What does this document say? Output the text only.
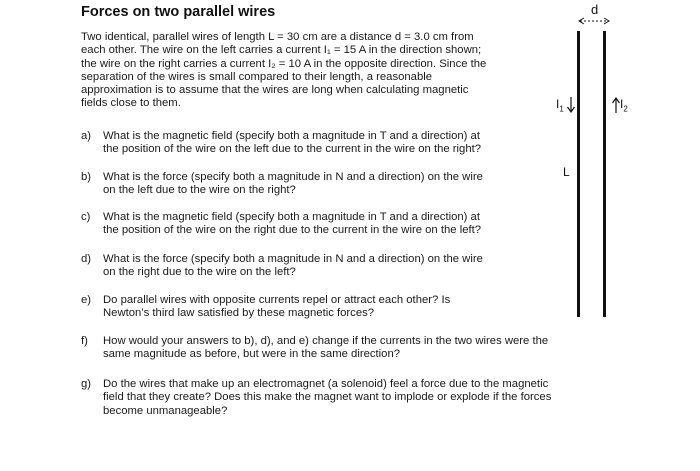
Forces on two parallel wires
Two identical, parallel wires of length L = 30 cm are a distance d = 3.0 cm from
each other. The wire on the left carries a current I₁ = 15 A in the direction shown;
the wire on the right carries a current I₂ = 10 A in the opposite direction. Since the
separation of the wires is small compared to their length, a reasonable
approximation is to assume that the wires are long when calculating magnetic
fields close to them.
a)	What is the magnetic field (specify both a magnitude in T and a direction) at
the position of the wire on the left due to the current in the wire on the right?
b)	What is the force (specify both a magnitude in N and a direction) on the wire
on the left due to the wire on the right?
c)	What is the magnetic field (specify both a magnitude in T and a direction) at
the position of the wire on the right due to the current in the wire on the left?
d)	What is the force (specify both a magnitude in N and a direction) on the wire
on the right due to the wire on the left?
e)	Do parallel wires with opposite currents repel or attract each other? Is
Newton’s third law satisfied by these magnetic forces?
f)	How would your answers to b), d), and e) change if the currents in the two wires were the
same magnitude as before, but were in the same direction?
g)	Do the wires that make up an electromagnet (a solenoid) feel a force due to the magnetic
field that they create? Does this make the magnet want to implode or explode if the forces
become unmanageable?
d
$I_1$	$I_2$
L
